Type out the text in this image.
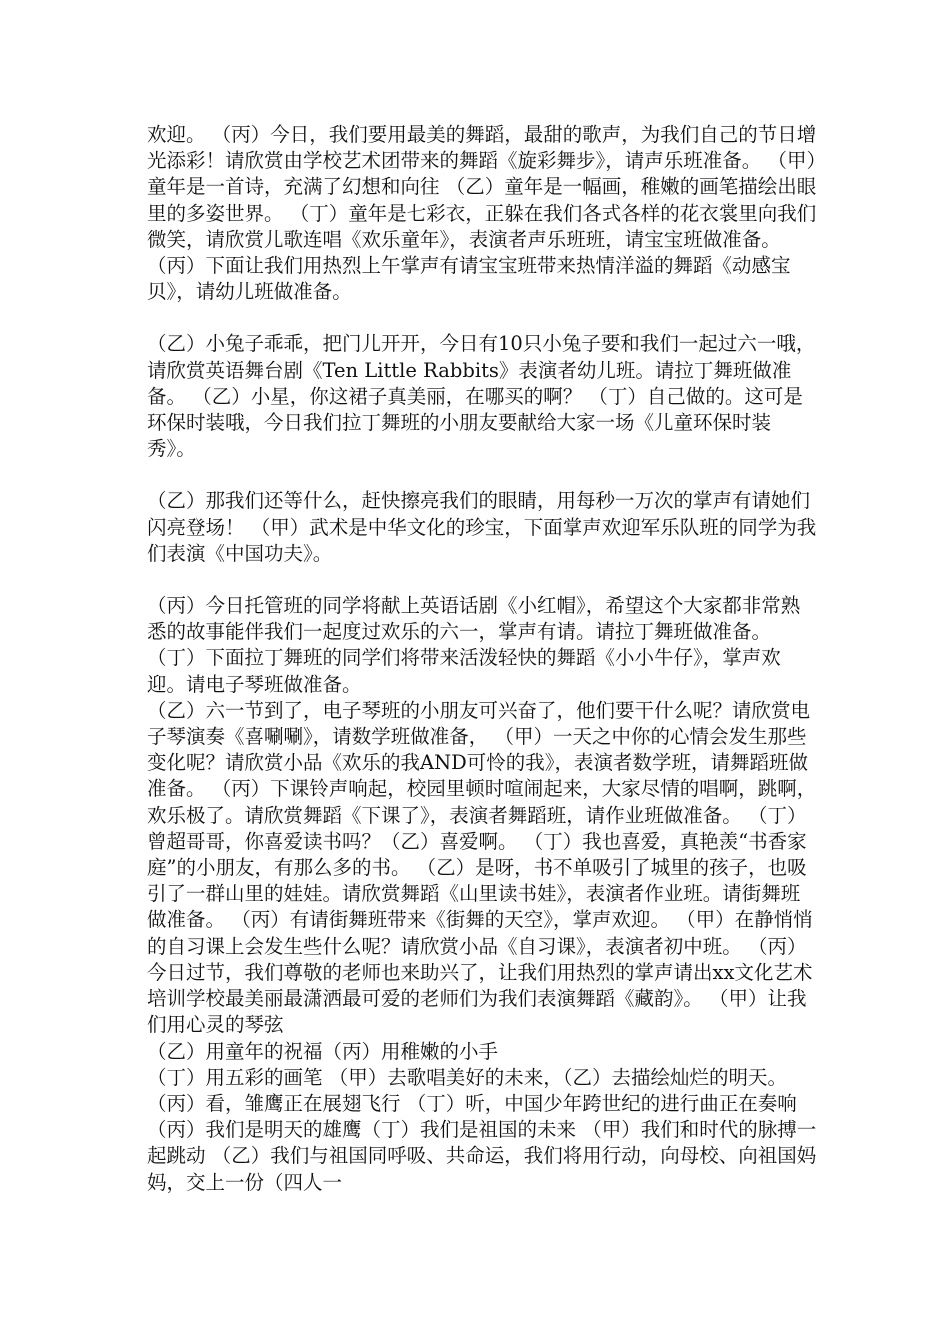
欢迎。 （丙）今日，我们要用最美的舞蹈，最甜的歌声，为我们自己的节日增光添彩！请欣赏由学校艺术团带来的舞蹈《旋彩舞步》，请声乐班准备。 （甲）童年是一首诗，充满了幻想和向往 （乙）童年是一幅画，稚嫩的画笔描绘出眼里的多姿世界。 （丁）童年是七彩衣，正躲在我们各式各样的花衣裳里向我们微笑，请欣赏儿歌连唱《欢乐童年》，表演者声乐班班，请宝宝班做准备。 （丙）下面让我们用热烈上午掌声有请宝宝班带来热情洋溢的舞蹈《动感宝贝》，请幼儿班做准备。

（乙）小兔子乖乖，把门儿开开，今日有10只小兔子要和我们一起过六一哦，请欣赏英语舞台剧《Ten Little Rabbits》表演者幼儿班。请拉丁舞班做准备。 （乙）小星，你这裙子真美丽，在哪买的啊？ （丁）自己做的。这可是环保时装哦，今日我们拉丁舞班的小朋友要献给大家一场《儿童环保时装秀》。

（乙）那我们还等什么，赶快擦亮我们的眼睛，用每秒一万次的掌声有请她们闪亮登场！ （甲）武术是中华文化的珍宝，下面掌声欢迎军乐队班的同学为我们表演《中国功夫》。

（丙）今日托管班的同学将献上英语话剧《小红帽》，希望这个大家都非常熟悉的故事能伴我们一起度过欢乐的六一，掌声有请。请拉丁舞班做准备。 （丁）下面拉丁舞班的同学们将带来活泼轻快的舞蹈《小小牛仔》，掌声欢迎。请电子琴班做准备。

（乙）六一节到了，电子琴班的小朋友可兴奋了，他们要干什么呢？请欣赏电子琴演奏《喜唰唰》，请数学班做准备， （甲）一天之中你的心情会发生那些变化呢？请欣赏小品《欢乐的我AND可怜的我》，表演者数学班，请舞蹈班做准备。 （丙）下课铃声响起，校园里顿时喧闹起来，大家尽情的唱啊，跳啊，欢乐极了。请欣赏舞蹈《下课了》，表演者舞蹈班，请作业班做准备。 （丁）曾超哥哥，你喜爱读书吗？（乙）喜爱啊。 （丁）我也喜爱，真艳羡“书香家庭”的小朋友，有那么多的书。 （乙）是呀，书不单吸引了城里的孩子，也吸引了一群山里的娃娃。请欣赏舞蹈《山里读书娃》，表演者作业班。请街舞班做准备。 （丙）有请街舞班带来《街舞的天空》，掌声欢迎。 （甲）在静悄悄的自习课上会发生些什么呢？请欣赏小品《自习课》，表演者初中班。 （丙）今日过节，我们尊敬的老师也来助兴了，让我们用热烈的掌声请出xx文化艺术培训学校最美丽最潇洒最可爱的老师们为我们表演舞蹈《藏韵》。 （甲）让我们用心灵的琴弦

（乙）用童年的祝福（丙）用稚嫩的小手

（丁）用五彩的画笔 （甲）去歌唱美好的未来，（乙）去描绘灿烂的明天。 （丙）看，雏鹰正在展翅飞行 （丁）听，中国少年跨世纪的进行曲正在奏响 （丙）我们是明天的雄鹰（丁）我们是祖国的未来 （甲）我们和时代的脉搏一起跳动 （乙）我们与祖国同呼吸、共命运，我们将用行动，向母校、向祖国妈妈，交上一份（四人一
